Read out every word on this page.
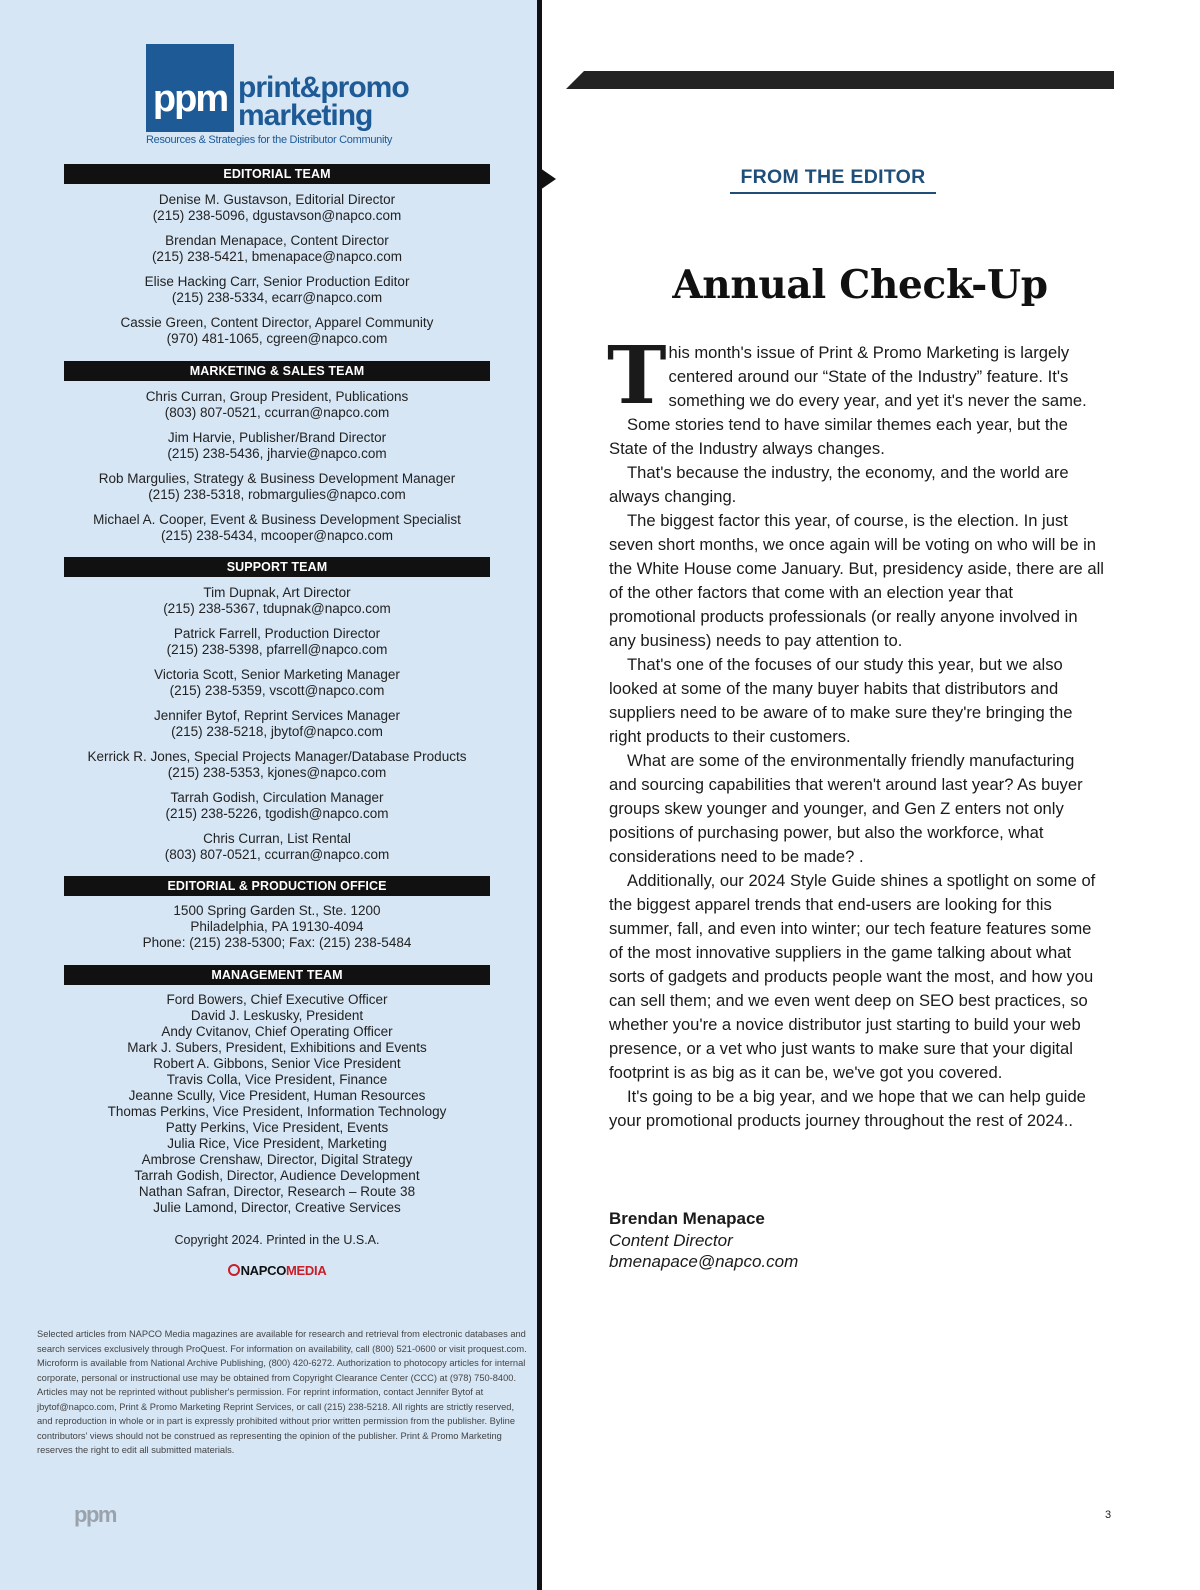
ppm print&promo
marketing
Resources & Strategies for the Distributor Community
EDITORIAL TEAM
Denise M. Gustavson, Editorial Director
(215) 238-5096, dgustavson@napco.com
Brendan Menapace, Content Director
(215) 238-5421, bmenapace@napco.com
Elise Hacking Carr, Senior Production Editor
(215) 238-5334, ecarr@napco.com
Cassie Green, Content Director, Apparel Community
(970) 481-1065, cgreen@napco.com
MARKETING & SALES TEAM
Chris Curran, Group President, Publications
(803) 807-0521, ccurran@napco.com
Jim Harvie, Publisher/Brand Director
(215) 238-5436, jharvie@napco.com
Rob Margulies, Strategy & Business Development Manager
(215) 238-5318, robmargulies@napco.com
Michael A. Cooper, Event & Business Development Specialist
(215) 238-5434, mcooper@napco.com
SUPPORT TEAM
Tim Dupnak, Art Director
(215) 238-5367, tdupnak@napco.com
Patrick Farrell, Production Director
(215) 238-5398, pfarrell@napco.com
Victoria Scott, Senior Marketing Manager
(215) 238-5359, vscott@napco.com
Jennifer Bytof, Reprint Services Manager
(215) 238-5218, jbytof@napco.com
Kerrick R. Jones, Special Projects Manager/Database Products
(215) 238-5353, kjones@napco.com
Tarrah Godish, Circulation Manager
(215) 238-5226, tgodish@napco.com
Chris Curran, List Rental
(803) 807-0521, ccurran@napco.com
EDITORIAL & PRODUCTION OFFICE
1500 Spring Garden St., Ste. 1200
Philadelphia, PA 19130-4094
Phone: (215) 238-5300; Fax: (215) 238-5484
MANAGEMENT TEAM
Ford Bowers, Chief Executive Officer
David J. Leskusky, President
Andy Cvitanov, Chief Operating Officer
Mark J. Subers, President, Exhibitions and Events
Robert A. Gibbons, Senior Vice President
Travis Colla, Vice President, Finance
Jeanne Scully, Vice President, Human Resources
Thomas Perkins, Vice President, Information Technology
Patty Perkins, Vice President, Events
Julia Rice, Vice President, Marketing
Ambrose Crenshaw, Director, Digital Strategy
Tarrah Godish, Director, Audience Development
Nathan Safran, Director, Research – Route 38
Julie Lamond, Director, Creative Services
Copyright 2024. Printed in the U.S.A.
NAPCOMEDIA
Selected articles from NAPCO Media magazines are available for research and retrieval from electronic databases and search services exclusively through ProQuest. For information on availability, call (800) 521-0600 or visit proquest.com. Microform is available from National Archive Publishing, (800) 420-6272. Authorization to photocopy articles for internal corporate, personal or instructional use may be obtained from Copyright Clearance Center (CCC) at (978) 750-8400. Articles may not be reprinted without publisher's permission. For reprint information, contact Jennifer Bytof at jbytof@napco.com, Print & Promo Marketing Reprint Services, or call (215) 238-5218. All rights are strictly reserved, and reproduction in whole or in part is expressly prohibited without prior written permission from the publisher. Byline contributors' views should not be construed as representing the opinion of the publisher. Print & Promo Marketing reserves the right to edit all submitted materials.
ppm
FROM THE EDITOR
Annual Check-Up
T his month's issue of Print & Promo Marketing is largely centered around our “State of the Industry” feature. It's something we do every year, and yet it's never the same.

Some stories tend to have similar themes each year, but the State of the Industry always changes.

That's because the industry, the economy, and the world are always changing.

The biggest factor this year, of course, is the election. In just seven short months, we once again will be voting on who will be in the White House come January. But, presidency aside, there are all of the other factors that come with an election year that promotional products professionals (or really anyone involved in any business) needs to pay attention to.

That's one of the focuses of our study this year, but we also looked at some of the many buyer habits that distributors and suppliers need to be aware of to make sure they're bringing the right products to their customers.

What are some of the environmentally friendly manufacturing and sourcing capabilities that weren't around last year? As buyer groups skew younger and younger, and Gen Z enters not only positions of purchasing power, but also the workforce, what considerations need to be made? .

Additionally, our 2024 Style Guide shines a spotlight on some of the biggest apparel trends that end-users are looking for this summer, fall, and even into winter; our tech feature features some of the most innovative suppliers in the game talking about what sorts of gadgets and products people want the most, and how you can sell them; and we even went deep on SEO best practices, so whether you're a novice distributor just starting to build your web presence, or a vet who just wants to make sure that your digital footprint is as big as it can be, we've got you covered.

It's going to be a big year, and we hope that we can help guide your promotional products journey throughout the rest of 2024..

Brendan Menapace
Content Director
bmenapace@napco.com
3
